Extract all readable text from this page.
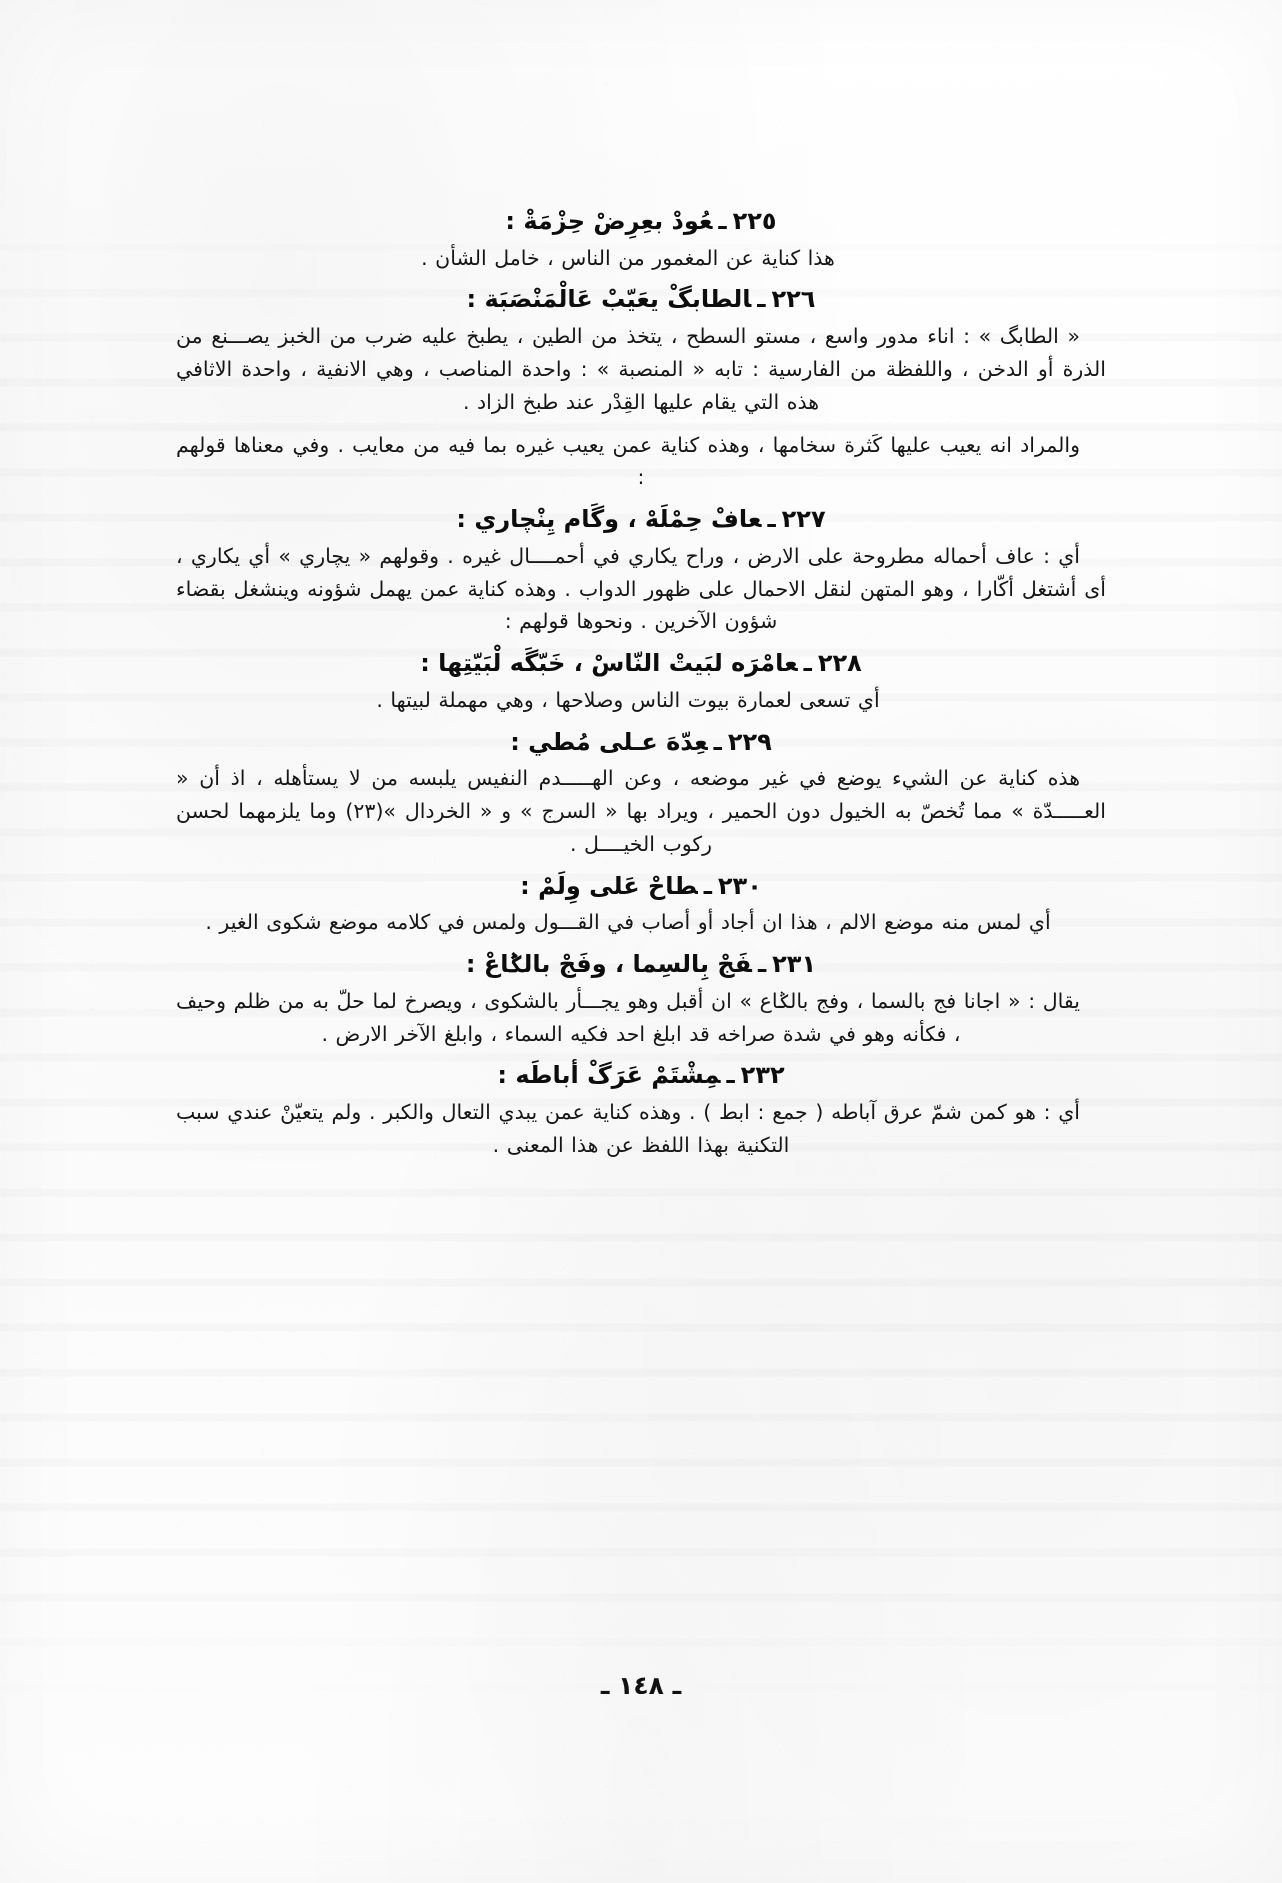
٢٢٥ـعُودْ بعِرِضْ حِزْمَةْ :

هذا كناية عن المغمور من الناس ، خامل الشأن .

٢٢٦ـالطابگْ يعَيّبْ عَالْمَنْصَبَة :

« الطابگ » : اناء مدور واسع ، مستو السطح ، يتخذ من الطين ، يطبخ عليه ضرب من الخبز يصـــنع من الذرة أو الدخن ، واللفظة من الفارسية : تابه « المنصبة » : واحدة المناصب ، وهي الانفية ، واحدة الاثافي هذه التي يقام عليها القِدْر عند طبخ الزاد .

والمراد انه يعيب عليها كَثرة سخامها ، وهذه كناية عمن يعيب غيره بما فيه من معايب . وفي معناها قولهم :

٢٢٧ـعافْ حِمْلَهْ ، وگَام يِنْچاري :

أي : عاف أحماله مطروحة على الارض ، وراح يكاري في أحمــــال غيره . وقولهم « يچاري » أي يكاري ، أى أشتغل أكّارا ، وهو المتهن لنقل الاحمال على ظهور الدواب . وهذه كناية عمن يهمل شؤونه وينشغل بقضاء شؤون الآخرين . ونحوها قولهم :

٢٢٨ـعامْرَه لبَيتْ النّاسْ ، خَبّگَه لْبَيّتِها :

أي تسعى لعمارة بيوت الناس وصلاحها ، وهي مهملة لبيتها .

٢٢٩ـعِدّهَ عـلى مُطي :

هذه كناية عن الشيء يوضع في غير موضعه ، وعن الهـــــدم النفيس يلبسه من لا يستأهله ، اذ أن « العـــــدّة » مما تُخصّ به الخيول دون الحمير ، ويراد بها « السرج » و « الخردال »(٢٣) وما يلزمهما لحسن ركوب الخيــــل .

٢٣٠ـطاحْ عَلى وِلَمْ :

أي لمس منه موضع الالم ، هذا ان أجاد أو أصاب في القـــول ولمس في كلامه موضع شكوى الغير .

٢٣١ـفَجْ بِالسِما ، وفَجْ بالݣاعْ :

يقال : « اجانا فج بالسما ، وفج بالݣاع » ان أقبل وهو يجـــأر بالشكوى ، ويصرخ لما حلّ به من ظلم وحيف ، فكأنه وهو في شدة صراخه قد ابلغ احد فكيه السماء ، وابلغ الآخر الارض .

٢٣٢ـمِشْتَمْ عَرَگْ أباطَه :

أي : هو كمن شمّ عرق آباطه ( جمع : ابط ) . وهذه كناية عمن يبدي التعال والكبر . ولم يتعيّنْ عندي سبب التكنية بهذا اللفظ عن هذا المعنى .

ـ ١٤٨ ـ
